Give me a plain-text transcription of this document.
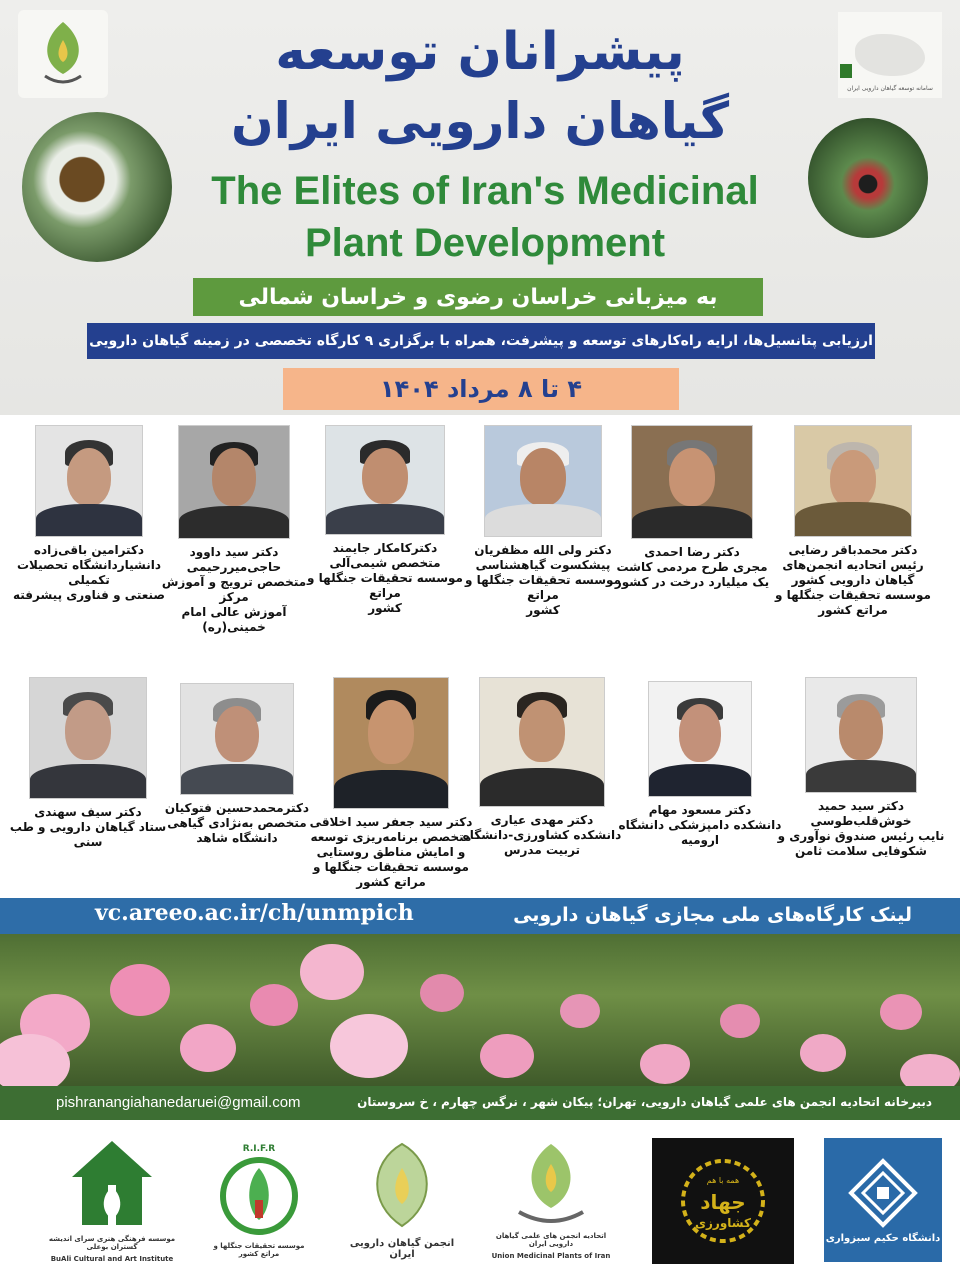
سامانه توسعه گیاهان دارویی ایران
پیشرانان توسعه
گیاهان دارویی ایران
The Elites of Iran's Medicinal
Plant Development
به میزبانی خراسان رضوی و خراسان شمالی
ارزیابی پتانسیل‌ها، ارایه راه‌کارهای توسعه و پیشرفت، همراه با برگزاری ۹ کارگاه تخصصی در زمینه گیاهان دارویی
۴ تا ۸ مرداد ۱۴۰۴
دکتر محمدباقر رضایی
رئیس اتحادیه انجمن‌های
گیاهان دارویی کشور
موسسه تحقیقات جنگلها و مراتع کشور
دکتر رضا احمدی
مجری طرح مردمی کاشت
یک میلیارد درخت در کشور
دکتر ولی الله مظفریان
پیشکسوت گیاهشناسی
موسسه تحقیقات جنگلها و مراتع
کشور
دکترکامکار جایمند
متخصص شیمی‌آلی
موسسه تحقیقات جنگلها و مراتع
کشور
دکتر سید داوود
حاجی‌میررحیمی
متخصص ترویج و آموزش مرکز
آموزش عالی امام خمینی(ره)
دکترامین باقی‌زاده
دانشیاردانشگاه تحصیلات تکمیلی
صنعتی و فناوری پیشرفته
دکتر سید حمید خوش‌قلب‌طوسی
نایب رئیس صندوق نوآوری و
شکوفایی سلامت ثامن
دکتر مسعود مهام
دانشکده دامپزشکی دانشگاه
ارومیه
دکتر مهدی عیاری
دانشکده کشاورزی-دانشگاه
تربیت مدرس
دکتر سید جعفر سید اخلاقی
متخصص برنامه‌ریزی توسعه
و امایش مناطق روستایی
موسسه تحقیقات جنگلها و مراتع کشور
دکترمحمدحسین فتوکیان
متخصص به‌نژادی گیاهی
دانشگاه شاهد
دکتر سیف سهندی
ستاد گیاهان دارویی و طب سنی
vc.areeo.ac.ir/ch/unmpich	لینک کارگاه‌های ملی مجازی گیاهان دارویی
pishranangiahanedaruei@gmail.com	دبیرخانه اتحادیه انجمن های علمی گیاهان دارویی، تهران؛ پیکان شهر ، نرگس چهارم ، خ سروستان
موسسه فرهنگی هنری سرای اندیشه گستران بوعلی
BuAli Cultural and Art Institute
R.I.F.R
موسسه تحقیقات جنگلها و مراتع کشور
انجمن گیاهان دارویی ایران
اتحادیه انجمن های علمی گیاهان دارویی ایران
Union Medicinal Plants of Iran
همه با هم
جهاد
کشاورزی
دانشگاه حکیم سبزواری
